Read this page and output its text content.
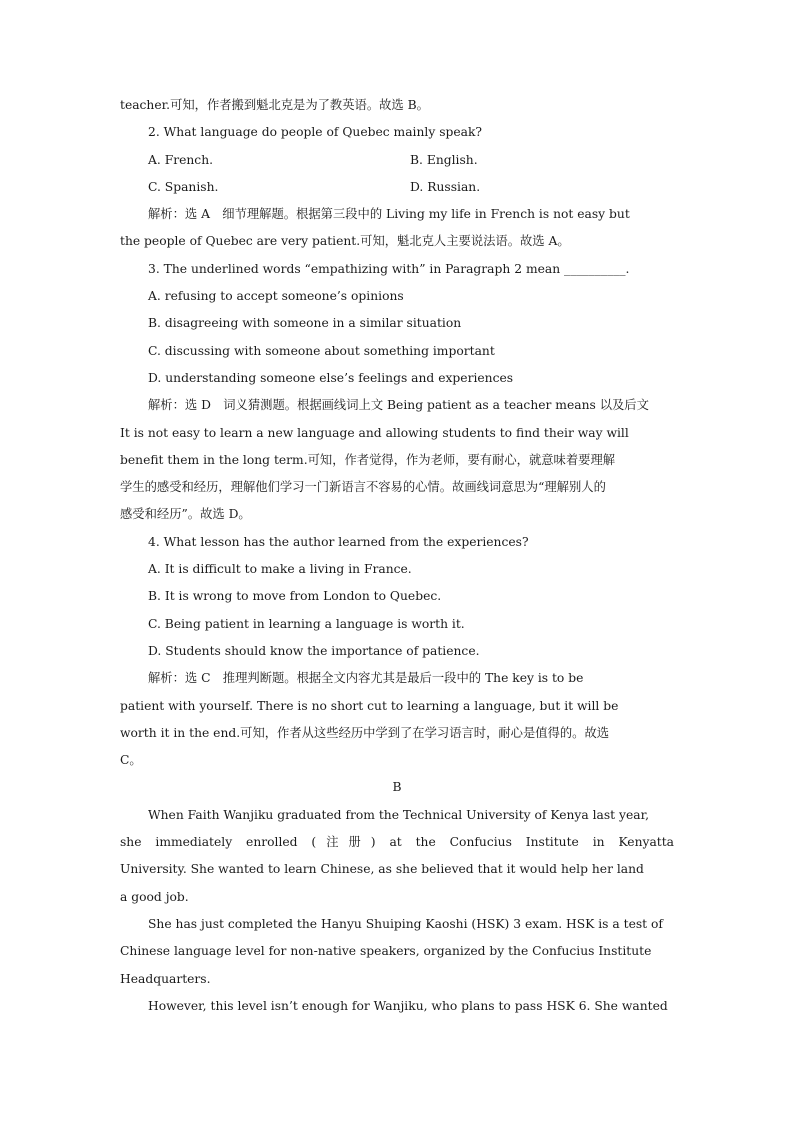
teacher.可知，作者搬到魁北克是为了教英语。故选 B。
2. What language do people of Quebec mainly speak?
A. French.	B. English.
C. Spanish.	D. Russian.
解析：选 A　细节理解题。根据第三段中的 Living my life in French is not easy but
the people of Quebec are very patient.可知，魁北克人主要说法语。故选 A。
3. The underlined words “empathizing with” in Paragraph 2 mean __________.
A. refusing to accept someone’s opinions
B. disagreeing with someone in a similar situation
C. discussing with someone about something important
D. understanding someone else’s feelings and experiences
解析：选 D　词义猜测题。根据画线词上文 Being patient as a teacher means 以及后文
It is not easy to learn a new language and allowing students to find their way will
benefit them in the long term.可知，作者觉得，作为老师，要有耐心，就意味着要理解
学生的感受和经历，理解他们学习一门新语言不容易的心情。故画线词意思为“理解别人的
感受和经历”。故选 D。
4. What lesson has the author learned from the experiences?
A. It is difficult to make a living in France.
B. It is wrong to move from London to Quebec.
C. Being patient in learning a language is worth it.
D. Students should know the importance of patience.
解析：选 C　推理判断题。根据全文内容尤其是最后一段中的 The key is to be
patient with yourself. There is no short cut to learning a language, but it will be
worth it in the end.可知，作者从这些经历中学到了在学习语言时，耐心是值得的。故选
C。
B
When Faith Wanjiku graduated from the Technical University of Kenya last year,
she immediately enrolled (注册) at the Confucius Institute in Kenyatta
University. She wanted to learn Chinese, as she believed that it would help her land
a good job.
She has just completed the Hanyu Shuiping Kaoshi (HSK) 3 exam. HSK is a test of
Chinese language level for non-native speakers, organized by the Confucius Institute
Headquarters.
However, this level isn’t enough for Wanjiku, who plans to pass HSK 6. She wanted
